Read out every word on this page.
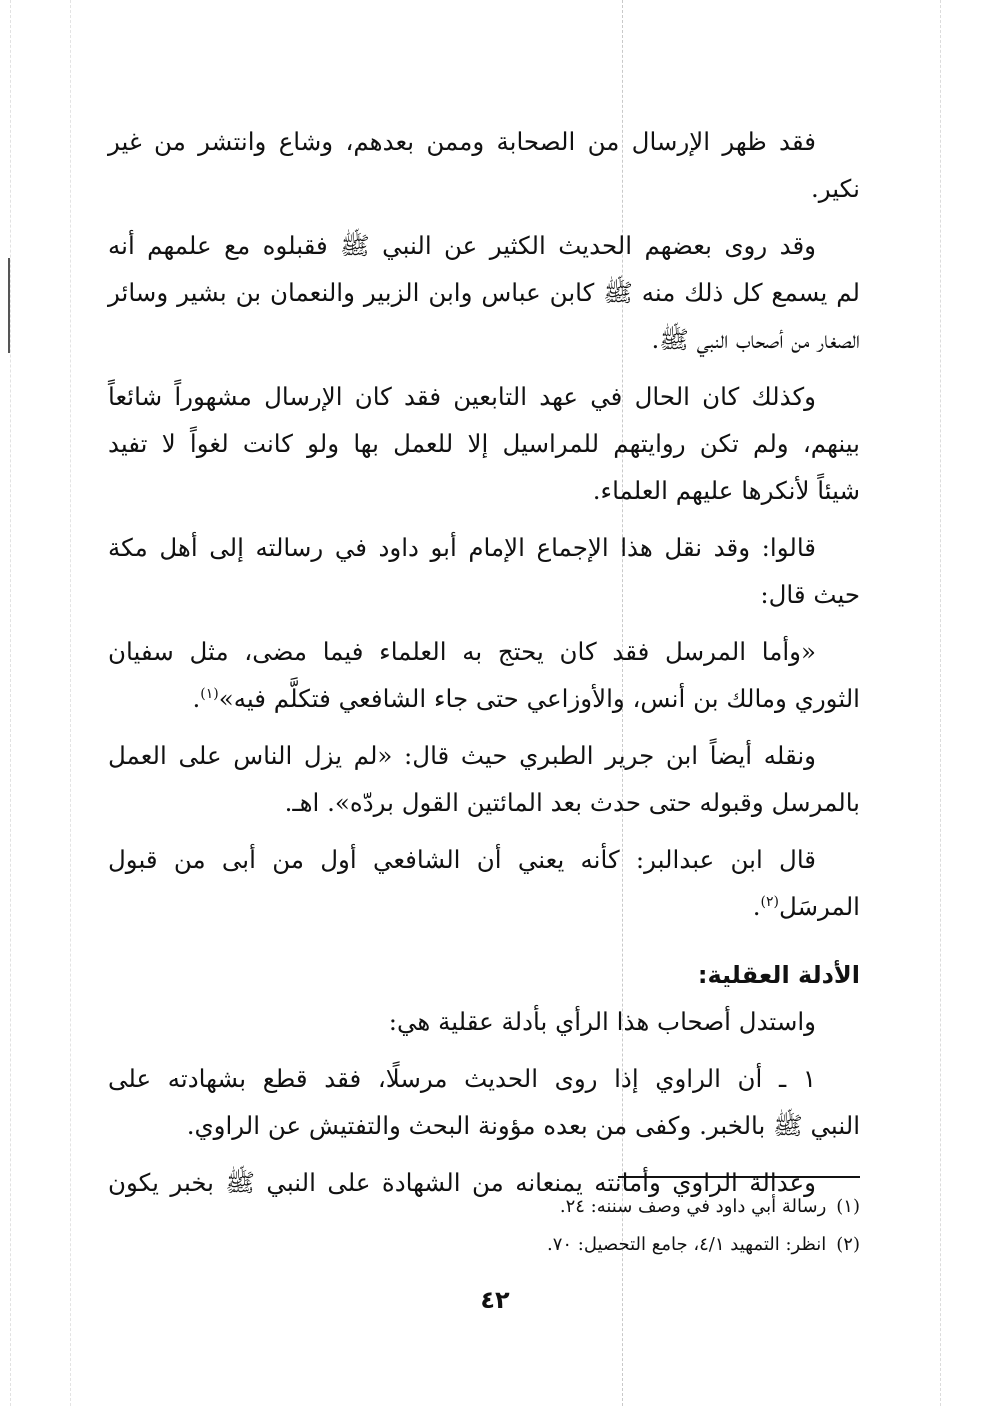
فقد ظهر الإرسال من الصحابة وممن بعدهم، وشاع وانتشر من غير
نكير.
وقد روى بعضهم الحديث الكثير عن النبي ﷺ فقبلوه مع علمهم أنه
لم يسمع كل ذلك منه ﷺ كابن عباس وابن الزبير والنعمان بن بشير وسائر
الصغار من أصحاب النبي ﷺ.
وكذلك كان الحال في عهد التابعين فقد كان الإرسال مشهوراً شائعاً
بينهم، ولم تكن روايتهم للمراسيل إلا للعمل بها ولو كانت لغواً لا تفيد
شيئاً لأنكرها عليهم العلماء.
قالوا: وقد نقل هذا الإجماع الإمام أبو داود في رسالته إلى أهل مكة
حيث قال:
«وأما المرسل فقد كان يحتج به العلماء فيما مضى، مثل سفيان
الثوري ومالك بن أنس، والأوزاعي حتى جاء الشافعي فتكلَّم فيه»$^{(١)}$.
ونقله أيضاً ابن جرير الطبري حيث قال: «لم يزل الناس على العمل
بالمرسل وقبوله حتى حدث بعد المائتين القول بردّه». اهـ.
قال ابن عبدالبر: كأنه يعني أن الشافعي أول من أبى من قبول
المرسَل$^{(٢)}$.
الأدلة العقلية:
واستدل أصحاب هذا الرأي بأدلة عقلية هي:
١ ـ أن الراوي إذا روى الحديث مرسلًا، فقد قطع بشهادته على
النبي ﷺ بالخبر. وكفى من بعده مؤونة البحث والتفتيش عن الراوي.
وعدالة الراوي وأمانته يمنعانه من الشهادة على النبي ﷺ بخبر يكون
(١)رسالة أبي داود في وصف سننه: ٢٤.
(٢)انظر: التمهيد ٤/١، جامع التحصيل: ٧٠.
٤٢
